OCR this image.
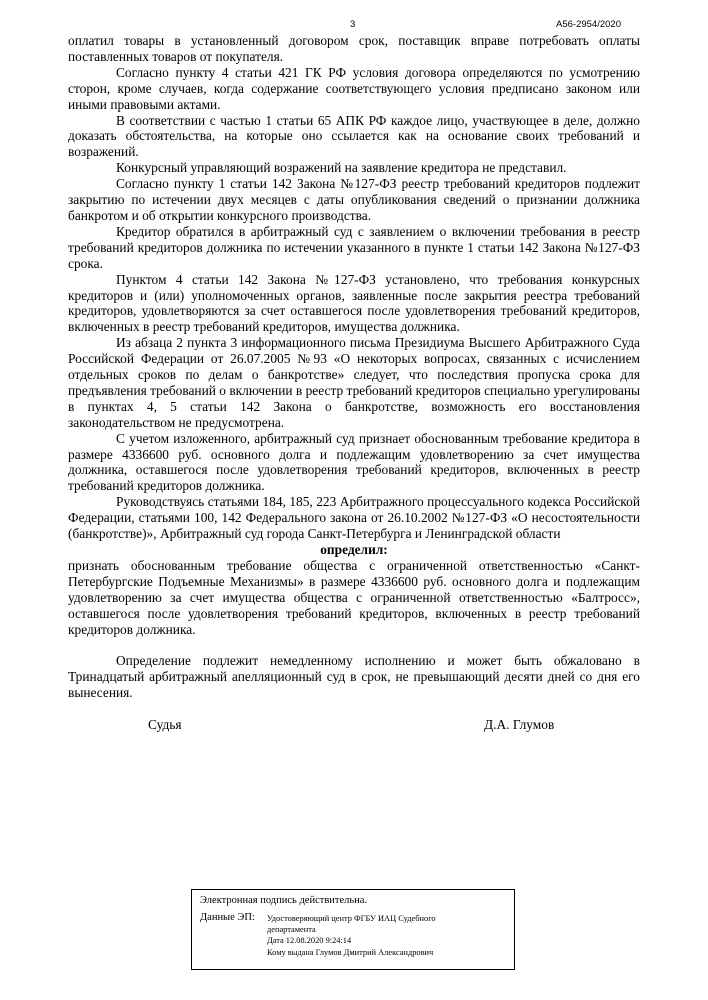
3	А56-2954/2020

оплатил товары в установленный договором срок, поставщик вправе потребовать оплаты поставленных товаров от покупателя.

Согласно пункту 4 статьи 421 ГК РФ условия договора определяются по усмотрению сторон, кроме случаев, когда содержание соответствующего условия предписано законом или иными правовыми актами.

В соответствии с частью 1 статьи 65 АПК РФ каждое лицо, участвующее в деле, должно доказать обстоятельства, на которые оно ссылается как на основание своих требований и возражений.

Конкурсный управляющий возражений на заявление кредитора не представил.

Согласно пункту 1 статьи 142 Закона №127-ФЗ реестр требований кредиторов подлежит закрытию по истечении двух месяцев с даты опубликования сведений о признании должника банкротом и об открытии конкурсного производства.

Кредитор обратился в арбитражный суд с заявлением о включении требования в реестр требований кредиторов должника по истечении указанного в пункте 1 статьи 142 Закона №127-ФЗ срока.

Пунктом 4 статьи 142 Закона №127-ФЗ установлено, что требования конкурсных кредиторов и (или) уполномоченных органов, заявленные после закрытия реестра требований кредиторов, удовлетворяются за счет оставшегося после удовлетворения требований кредиторов, включенных в реестр требований кредиторов, имущества должника.

Из абзаца 2 пункта 3 информационного письма Президиума Высшего Арбитражного Суда Российской Федерации от 26.07.2005 №93 «О некоторых вопросах, связанных с исчислением отдельных сроков по делам о банкротстве» следует, что последствия пропуска срока для предъявления требований о включении в реестр требований кредиторов специально урегулированы в пунктах 4, 5 статьи 142 Закона о банкротстве, возможность его восстановления законодательством не предусмотрена.

С учетом изложенного, арбитражный суд признает обоснованным требование кредитора в размере 4336600 руб. основного долга и подлежащим удовлетворению за счет имущества должника, оставшегося после удовлетворения требований кредиторов, включенных в реестр требований кредиторов должника.

Руководствуясь статьями 184, 185, 223 Арбитражного процессуального кодекса Российской Федерации, статьями 100, 142 Федерального закона от 26.10.2002 №127-ФЗ «О несостоятельности (банкротстве)», Арбитражный суд города Санкт-Петербурга и Ленинградской области

определил:

признать обоснованным требование общества с ограниченной ответственностью «Санкт-Петербургские Подъемные Механизмы» в размере 4336600 руб. основного долга и подлежащим удовлетворению за счет имущества общества с ограниченной ответственностью «Балтросс», оставшегося после удовлетворения требований кредиторов, включенных в реестр требований кредиторов должника.

Определение подлежит немедленному исполнению и может быть обжаловано в Тринадцатый арбитражный апелляционный суд в срок, не превышающий десяти дней со дня его вынесения.

Судья	Д.А. Глумов
Электронная подпись действительна.
Данные ЭП: Удостоверяющий центр ФГБУ ИАЦ Судебного
департамента
Дата 12.08.2020 9:24:14
Кому выдана Глумов Дмитрий Александрович
